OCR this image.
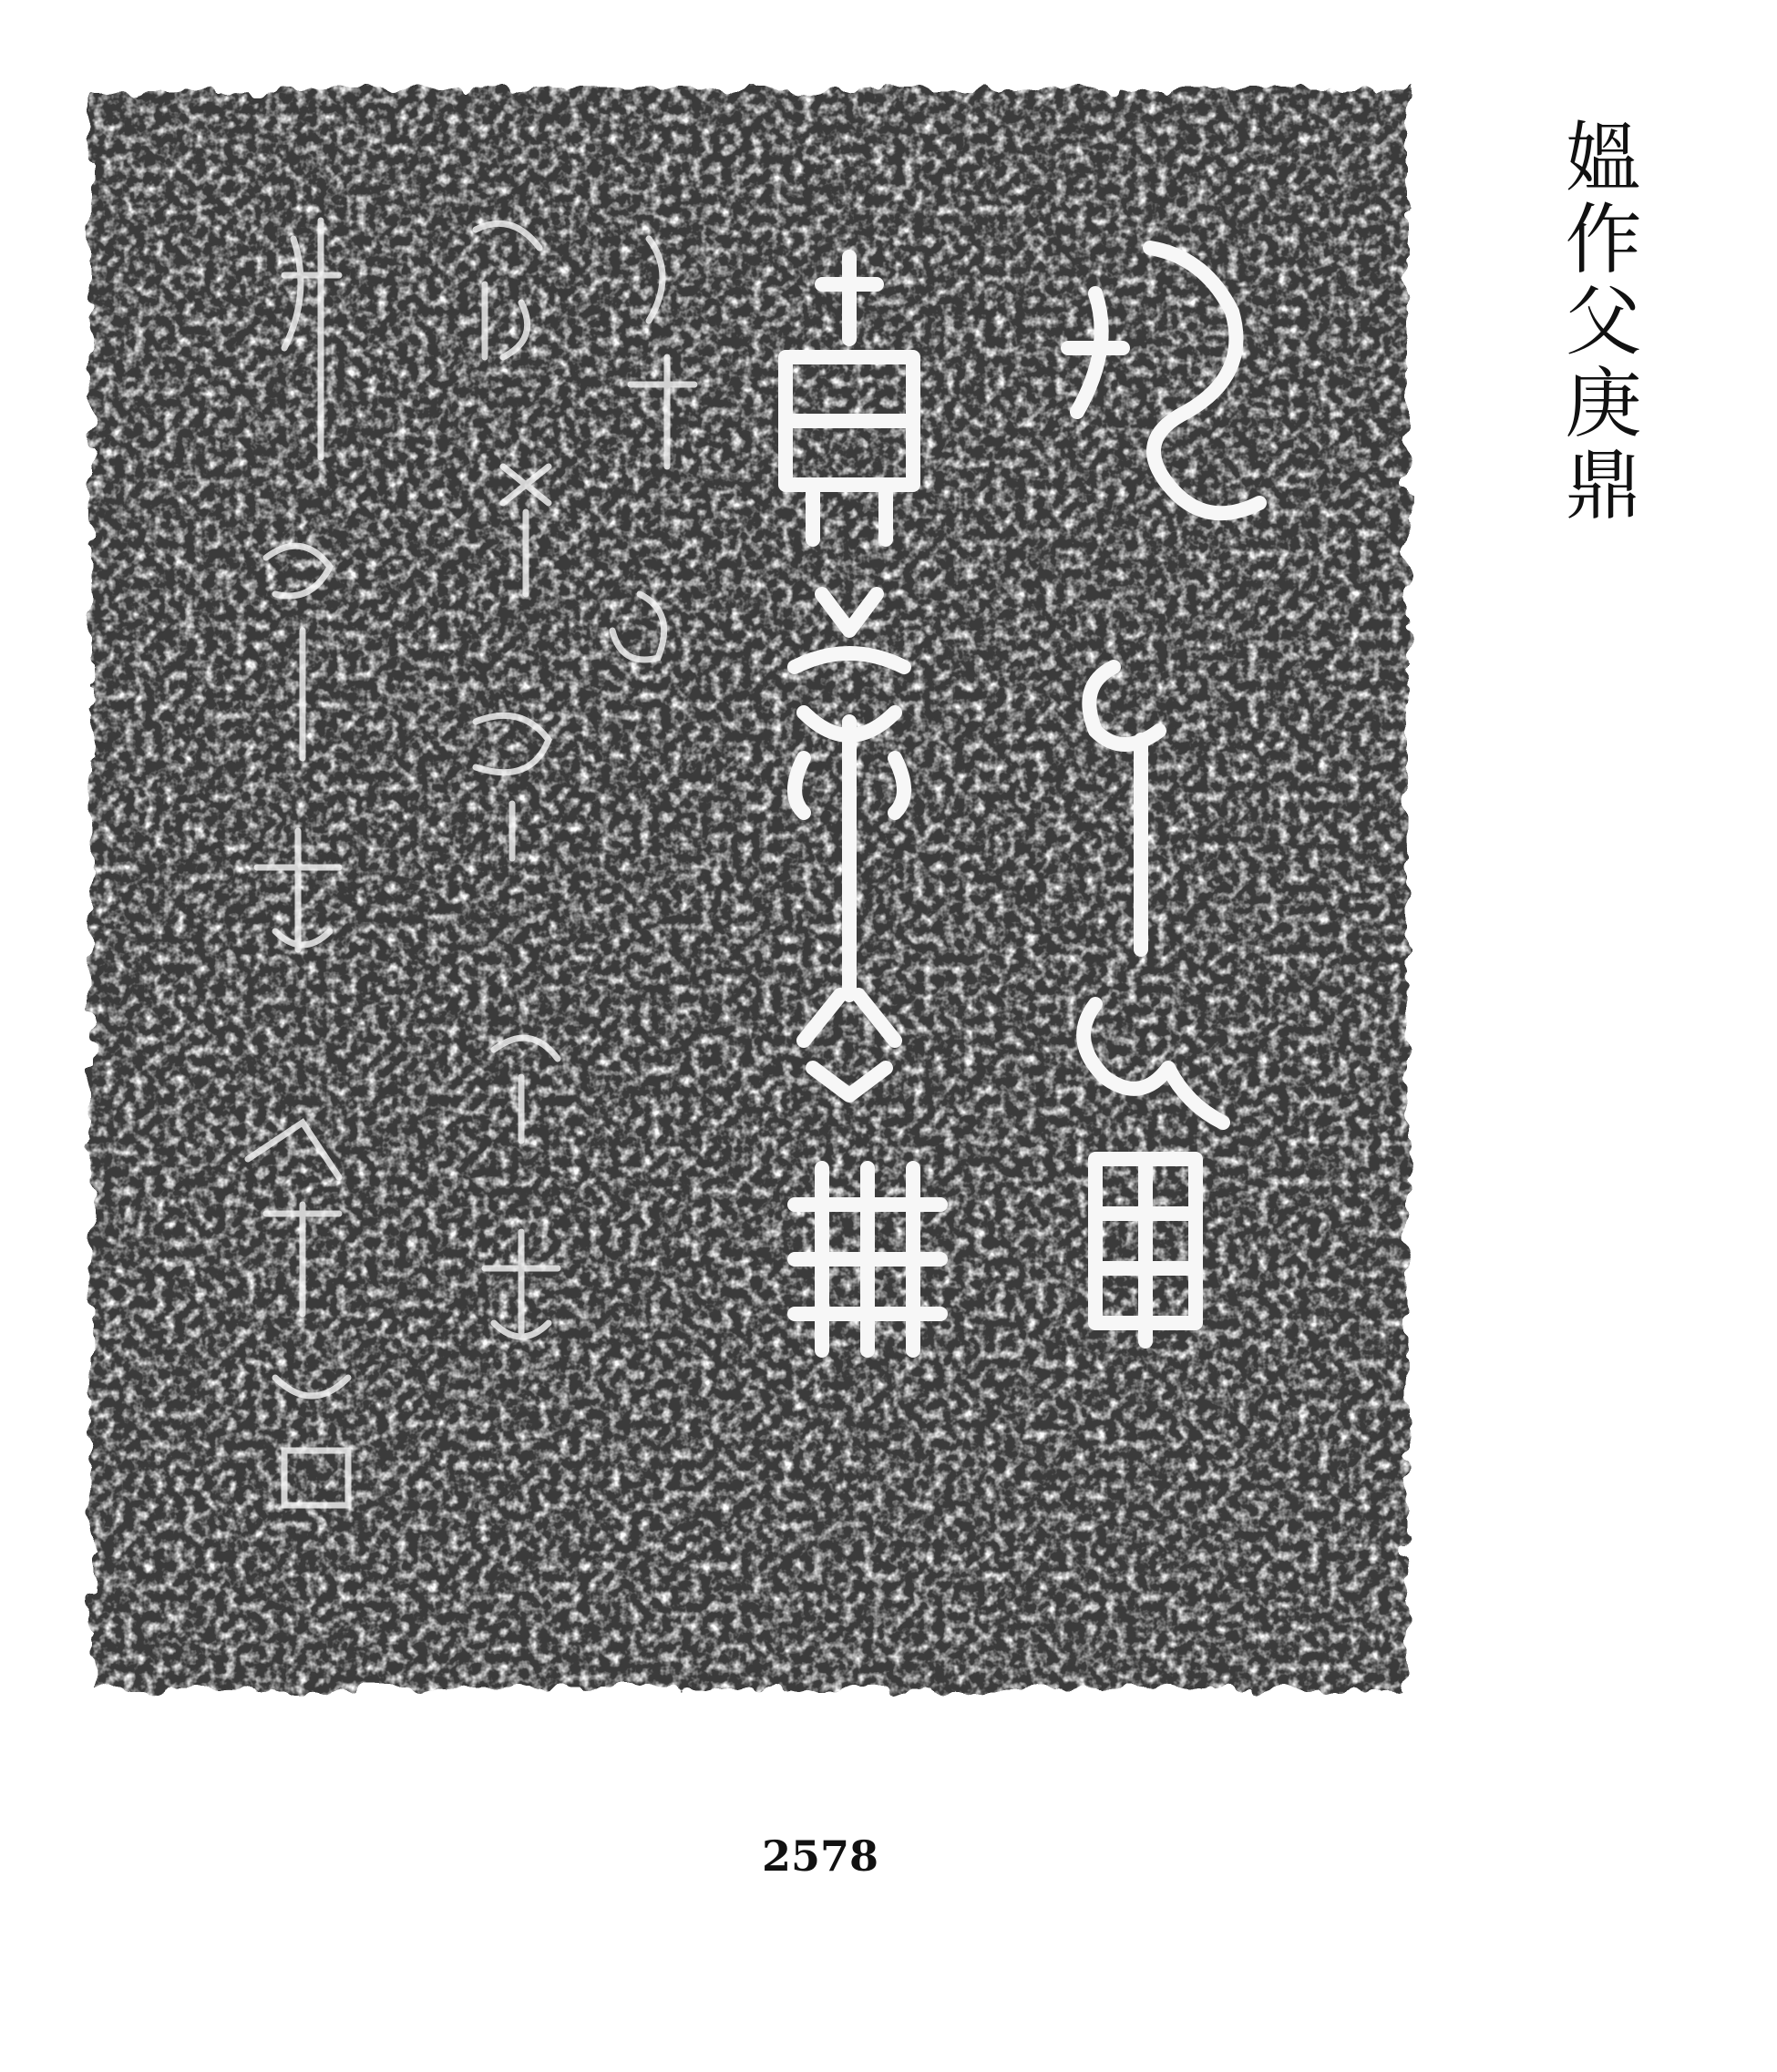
媼作父庚鼎
2578
